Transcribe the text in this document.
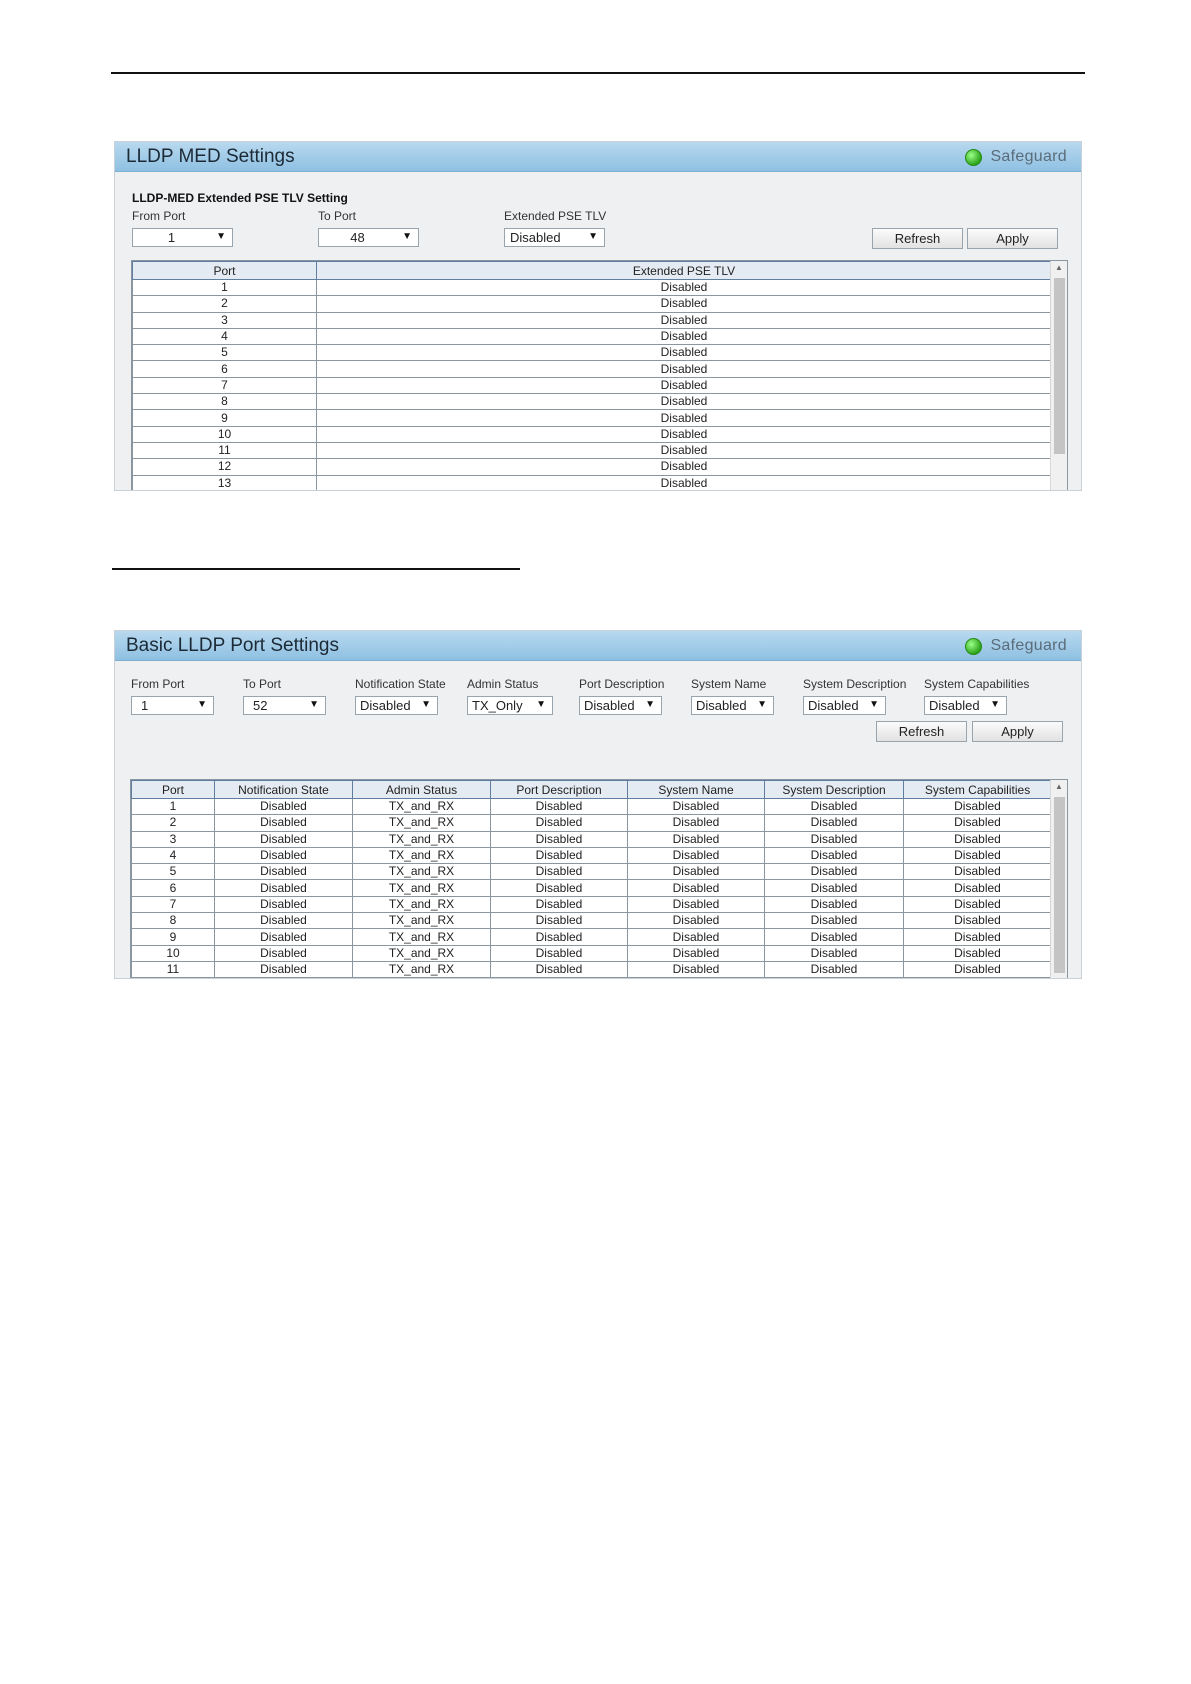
LLDP MED Settings	Safeguard
LLDP-MED Extended PSE TLV Setting
From Port	To Port	Extended PSE TLV
1	▼	48	▼	Disabled	▼	Refresh	Apply
Port	Extended PSE TLV
1	Disabled
2	Disabled
3	Disabled
4	Disabled
5	Disabled
6	Disabled
7	Disabled
8	Disabled
9	Disabled
10	Disabled
11	Disabled
12	Disabled
13	Disabled
▲
Basic LLDP Port Settings	Safeguard
From Port	To Port	Notification State Admin Status	Port Description System Name	System Description System Capabilities
1	▼	52	▼	Disabled ▼	TX_Only ▼	Disabled ▼	Disabled ▼	Disabled ▼	Disabled ▼
Refresh	Apply
Port	Notification State	Admin Status	Port Description	System Name	System Description	System Capabilities
1	Disabled	TX_and_RX	Disabled	Disabled	Disabled	Disabled
2	Disabled	TX_and_RX	Disabled	Disabled	Disabled	Disabled
3	Disabled	TX_and_RX	Disabled	Disabled	Disabled	Disabled
4	Disabled	TX_and_RX	Disabled	Disabled	Disabled	Disabled
5	Disabled	TX_and_RX	Disabled	Disabled	Disabled	Disabled
6	Disabled	TX_and_RX	Disabled	Disabled	Disabled	Disabled
7	Disabled	TX_and_RX	Disabled	Disabled	Disabled	Disabled
8	Disabled	TX_and_RX	Disabled	Disabled	Disabled	Disabled
9	Disabled	TX_and_RX	Disabled	Disabled	Disabled	Disabled
10	Disabled	TX_and_RX	Disabled	Disabled	Disabled	Disabled
11	Disabled	TX_and_RX	Disabled	Disabled	Disabled	Disabled
▲
